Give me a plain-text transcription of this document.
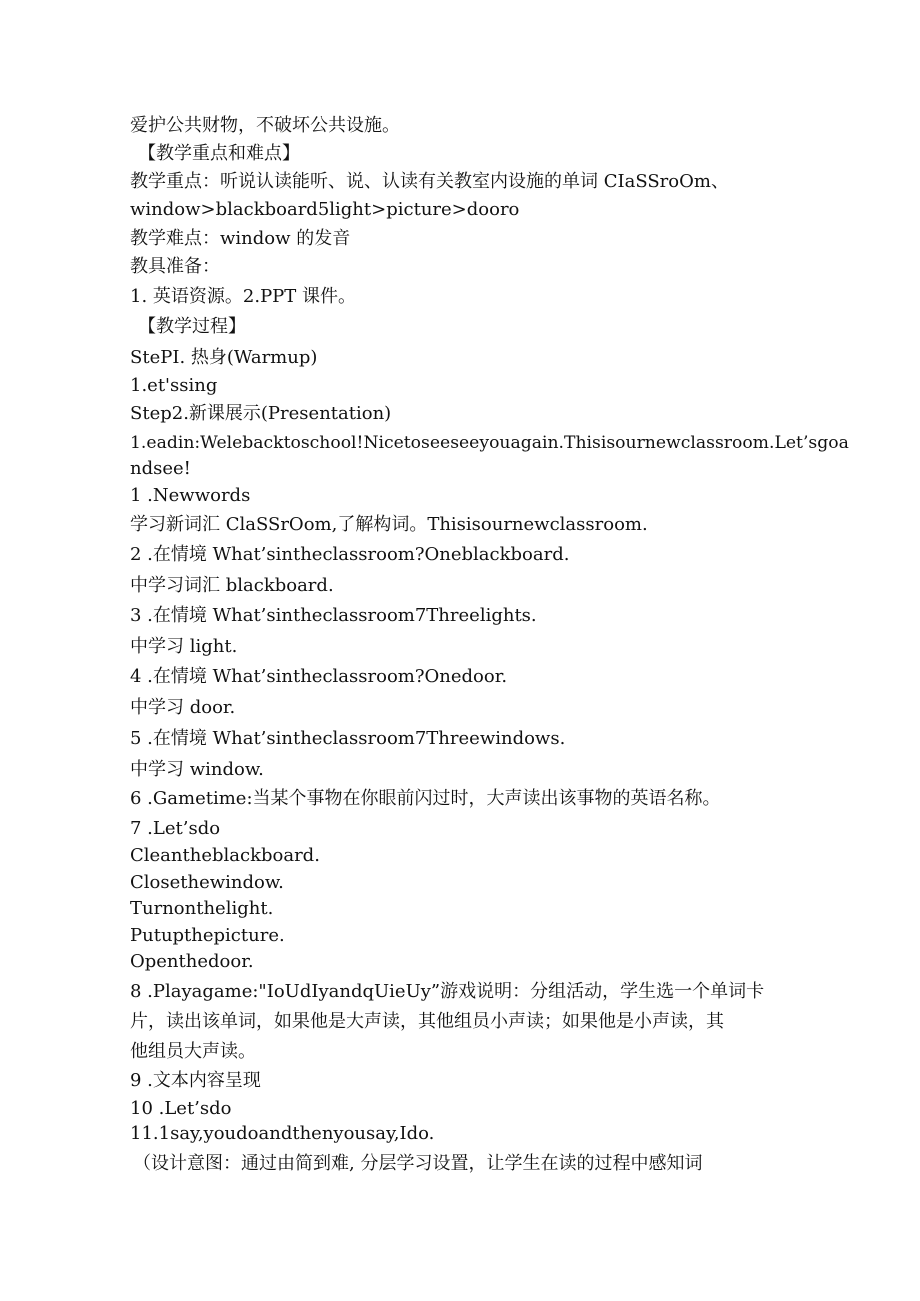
爱护公共财物，不破坏公共设施。

【教学重点和难点】

教学重点：听说认读能听、说、认读有关教室内设施的单词 CIaSSroOm、

window>blackboard5light>picture>dooro

教学难点：window 的发音

教具准备：

1. 英语资源。2.PPT 课件。

【教学过程】

StePI. 热身(Warmup)

1.et'ssing

Step2.新课展示(Presentation)

1.eadin:Welebacktoschool!Nicetoseeseeyouagain.Thisisournewclassroom.Let’sgoa

ndsee!

1 .Newwords

学习新词汇 ClaSSrOom,了解构词。Thisisournewclassroom.

2 .在情境 What’sintheclassroom?Oneblackboard.

中学习词汇 blackboard.

3 .在情境 What’sintheclassroom7Threelights.

中学习 light.

4 .在情境 What’sintheclassroom?Onedoor.

中学习 door.

5 .在情境 What’sintheclassroom7Threewindows.

中学习 window.

6 .Gametime:当某个事物在你眼前闪过时，大声读出该事物的英语名称。

7 .Let’sdo

Cleantheblackboard.

Closethewindow.

Turnonthelight.

Putupthepicture.

Openthedoor.

8 .Playagame:"IoUdIyandqUieUy”游戏说明：分组活动，学生选一个单词卡

片，读出该单词，如果他是大声读，其他组员小声读；如果他是小声读，其

他组员大声读。

9 .文本内容呈现

10 .Let’sdo

11.1say,youdoandthenyousay,Ido.

（设计意图：通过由简到难, 分层学习设置，让学生在读的过程中感知词
